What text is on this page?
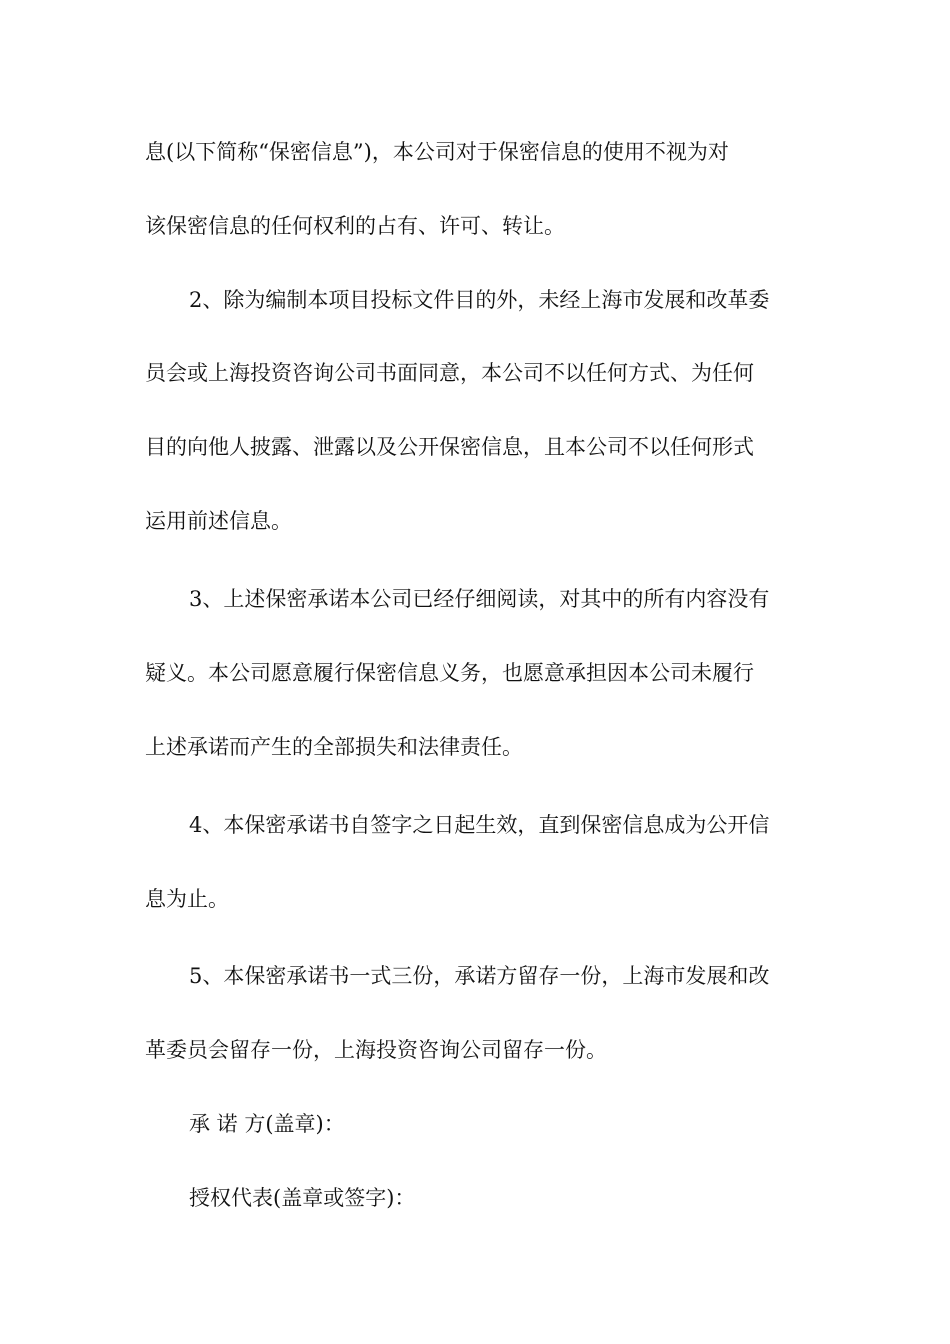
息(以下简称“保密信息”)，本公司对于保密信息的使用不视为对
该保密信息的任何权利的占有、许可、转让。
2、除为编制本项目投标文件目的外，未经上海市发展和改革委
员会或上海投资咨询公司书面同意，本公司不以任何方式、为任何
目的向他人披露、泄露以及公开保密信息，且本公司不以任何形式
运用前述信息。
3、上述保密承诺本公司已经仔细阅读，对其中的所有内容没有
疑义。本公司愿意履行保密信息义务，也愿意承担因本公司未履行
上述承诺而产生的全部损失和法律责任。
4、本保密承诺书自签字之日起生效，直到保密信息成为公开信
息为止。
5、本保密承诺书一式三份，承诺方留存一份，上海市发展和改
革委员会留存一份，上海投资咨询公司留存一份。
承 诺 方(盖章)：
授权代表(盖章或签字)：
